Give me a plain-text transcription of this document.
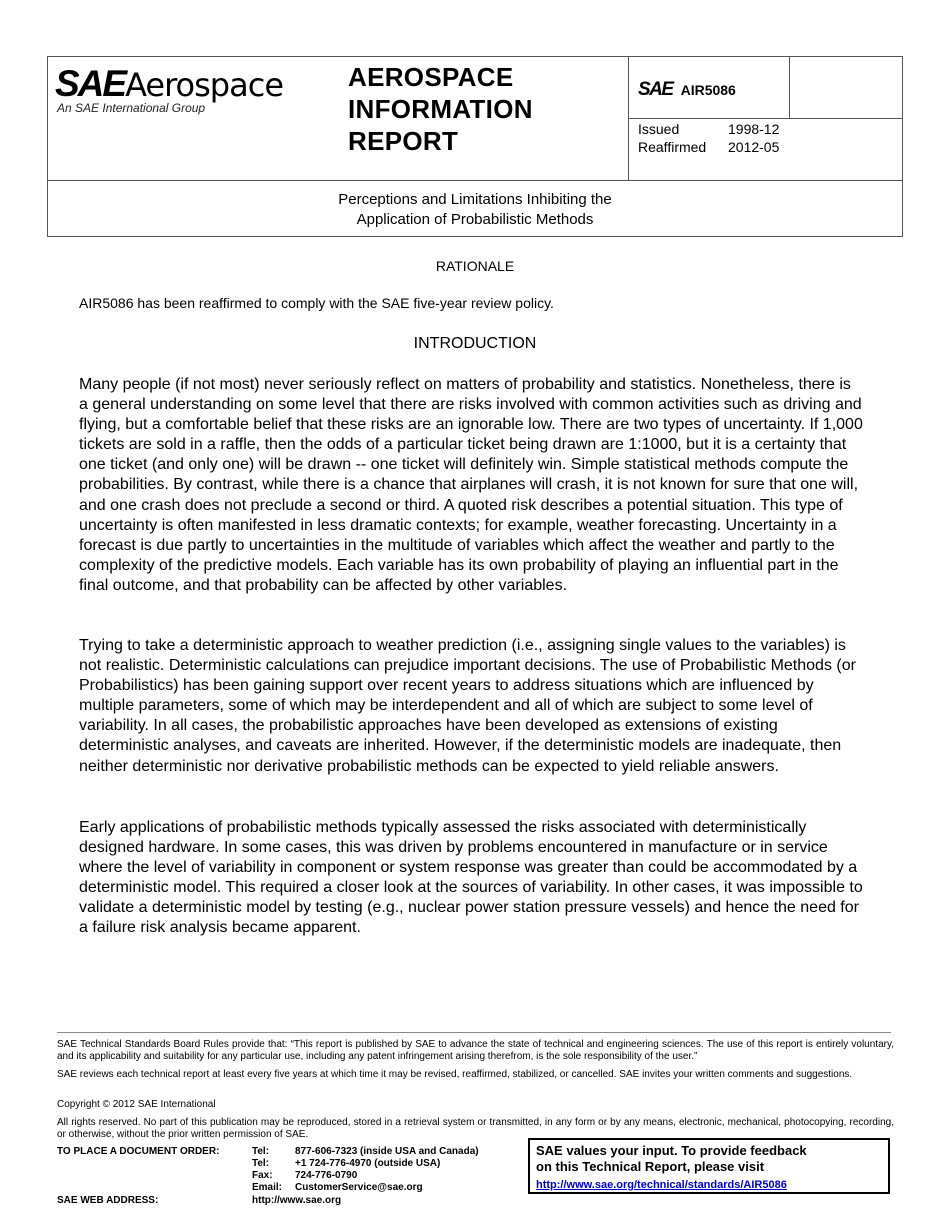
SAEAerospace
An SAE International Group
AEROSPACE
INFORMATION
REPORT
SAE AIR5086
Issued	1998-12
Reaffirmed	2012-05
Perceptions and Limitations Inhibiting the
Application of Probabilistic Methods
RATIONALE
AIR5086 has been reaffirmed to comply with the SAE five-year review policy.
INTRODUCTION
Many people (if not most) never seriously reflect on matters of probability and statistics. Nonetheless, there is a general understanding on some level that there are risks involved with common activities such as driving and flying, but a comfortable belief that these risks are an ignorable low. There are two types of uncertainty. If 1,000 tickets are sold in a raffle, then the odds of a particular ticket being drawn are 1:1000, but it is a certainty that one ticket (and only one) will be drawn -- one ticket will definitely win. Simple statistical methods compute the probabilities. By contrast, while there is a chance that airplanes will crash, it is not known for sure that one will, and one crash does not preclude a second or third. A quoted risk describes a potential situation. This type of uncertainty is often manifested in less dramatic contexts; for example, weather forecasting. Uncertainty in a forecast is due partly to uncertainties in the multitude of variables which affect the weather and partly to the complexity of the predictive models. Each variable has its own probability of playing an influential part in the final outcome, and that probability can be affected by other variables.
Trying to take a deterministic approach to weather prediction (i.e., assigning single values to the variables) is not realistic. Deterministic calculations can prejudice important decisions. The use of Probabilistic Methods (or Probabilistics) has been gaining support over recent years to address situations which are influenced by multiple parameters, some of which may be interdependent and all of which are subject to some level of variability. In all cases, the probabilistic approaches have been developed as extensions of existing deterministic analyses, and caveats are inherited. However, if the deterministic models are inadequate, then neither deterministic nor derivative probabilistic methods can be expected to yield reliable answers.
Early applications of probabilistic methods typically assessed the risks associated with deterministically designed hardware. In some cases, this was driven by problems encountered in manufacture or in service where the level of variability in component or system response was greater than could be accommodated by a deterministic model. This required a closer look at the sources of variability. In other cases, it was impossible to validate a deterministic model by testing (e.g., nuclear power station pressure vessels) and hence the need for a failure risk analysis became apparent.
SAE Technical Standards Board Rules provide that: “This report is published by SAE to advance the state of technical and engineering sciences. The use of this report is entirely voluntary, and its applicability and suitability for any particular use, including any patent infringement arising therefrom, is the sole responsibility of the user.”
SAE reviews each technical report at least every five years at which time it may be revised, reaffirmed, stabilized, or cancelled. SAE invites your written comments and suggestions.
Copyright © 2012 SAE International
All rights reserved. No part of this publication may be reproduced, stored in a retrieval system or transmitted, in any form or by any means, electronic, mechanical, photocopying, recording, or otherwise, without the prior written permission of SAE.
TO PLACE A DOCUMENT ORDER:	Tel:	877-606-7323 (inside USA and Canada)
Tel:	+1 724-776-4970 (outside USA)
Fax: 724-776-0790
Email: CustomerService@sae.org
SAE WEB ADDRESS:	http://www.sae.org
SAE values your input. To provide feedback
on this Technical Report, please visit
http://www.sae.org/technical/standards/AIR5086
